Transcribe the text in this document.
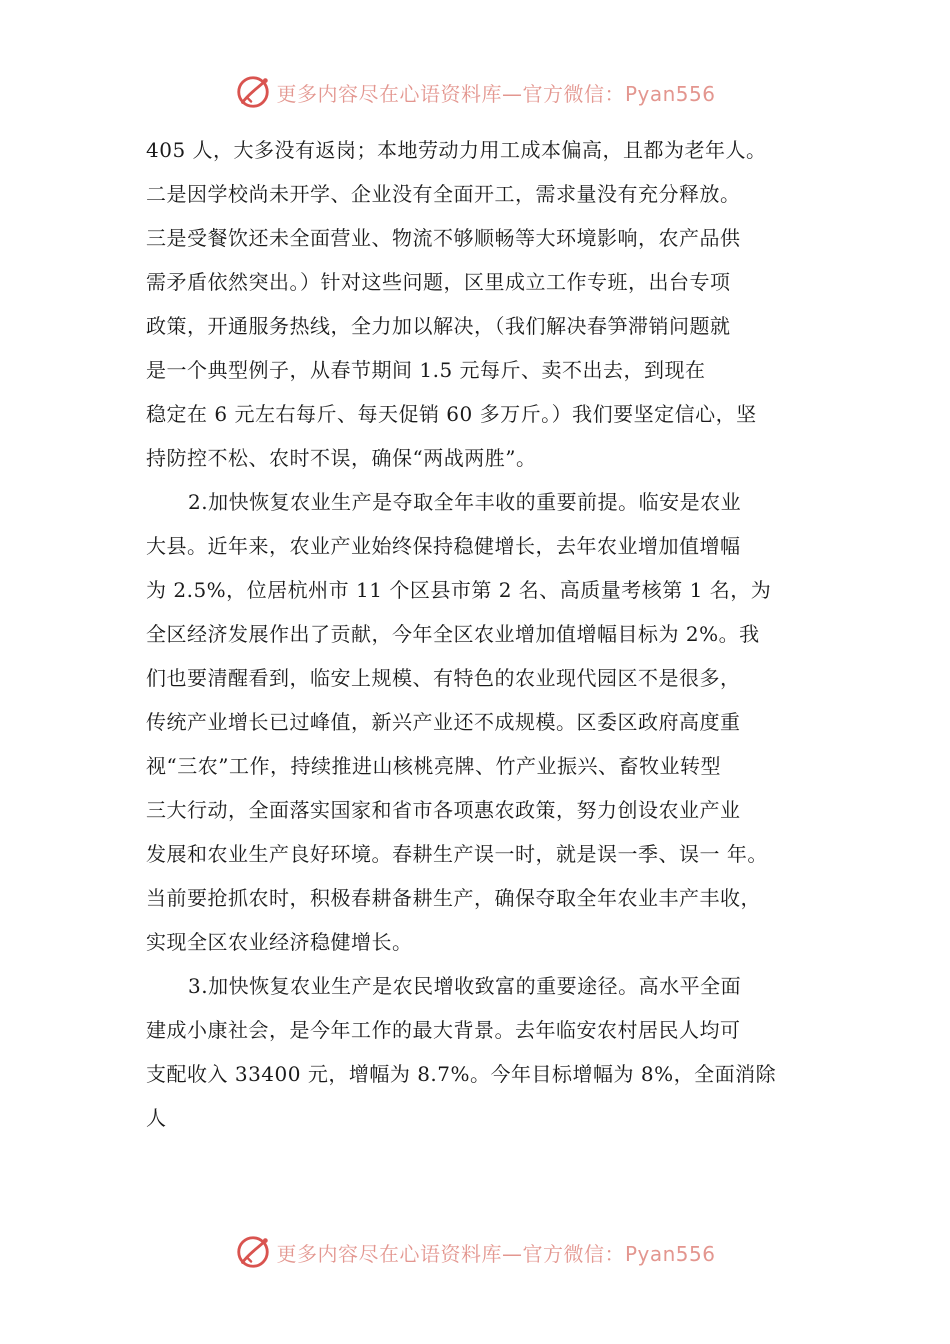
更多内容尽在心语资料库—官方微信：Pyan556
405 人，大多没有返岗；本地劳动力用工成本偏高，且都为老年人。
二是因学校尚未开学、企业没有全面开工，需求量没有充分释放。
三是受餐饮还未全面营业、物流不够顺畅等大环境影响，农产品供
需矛盾依然突出。）针对这些问题，区里成立工作专班，出台专项
政策，开通服务热线，全力加以解决，（我们解决春笋滞销问题就
是一个典型例子，从春节期间 1.5 元每斤、卖不出去，到现在
稳定在 6 元左右每斤、每天促销 60 多万斤。）我们要坚定信心，坚
持防控不松、农时不误，确保“两战两胜”。
2.加快恢复农业生产是夺取全年丰收的重要前提。临安是农业
大县。近年来，农业产业始终保持稳健增长，去年农业增加值增幅
为 2.5%，位居杭州市 11 个区县市第 2 名、高质量考核第 1 名，为
全区经济发展作出了贡献，今年全区农业增加值增幅目标为 2%。我
们也要清醒看到，临安上规模、有特色的农业现代园区不是很多，
传统产业增长已过峰值，新兴产业还不成规模。区委区政府高度重
视“三农”工作，持续推进山核桃亮牌、竹产业振兴、畜牧业转型
三大行动，全面落实国家和省市各项惠农政策，努力创设农业产业
发展和农业生产良好环境。春耕生产误一时，就是误一季、误一 年。
当前要抢抓农时，积极春耕备耕生产，确保夺取全年农业丰产丰收，
实现全区农业经济稳健增长。
3.加快恢复农业生产是农民增收致富的重要途径。高水平全面
建成小康社会，是今年工作的最大背景。去年临安农村居民人均可
支配收入 33400 元，增幅为 8.7%。今年目标增幅为 8%，全面消除
人
更多内容尽在心语资料库—官方微信：Pyan556
